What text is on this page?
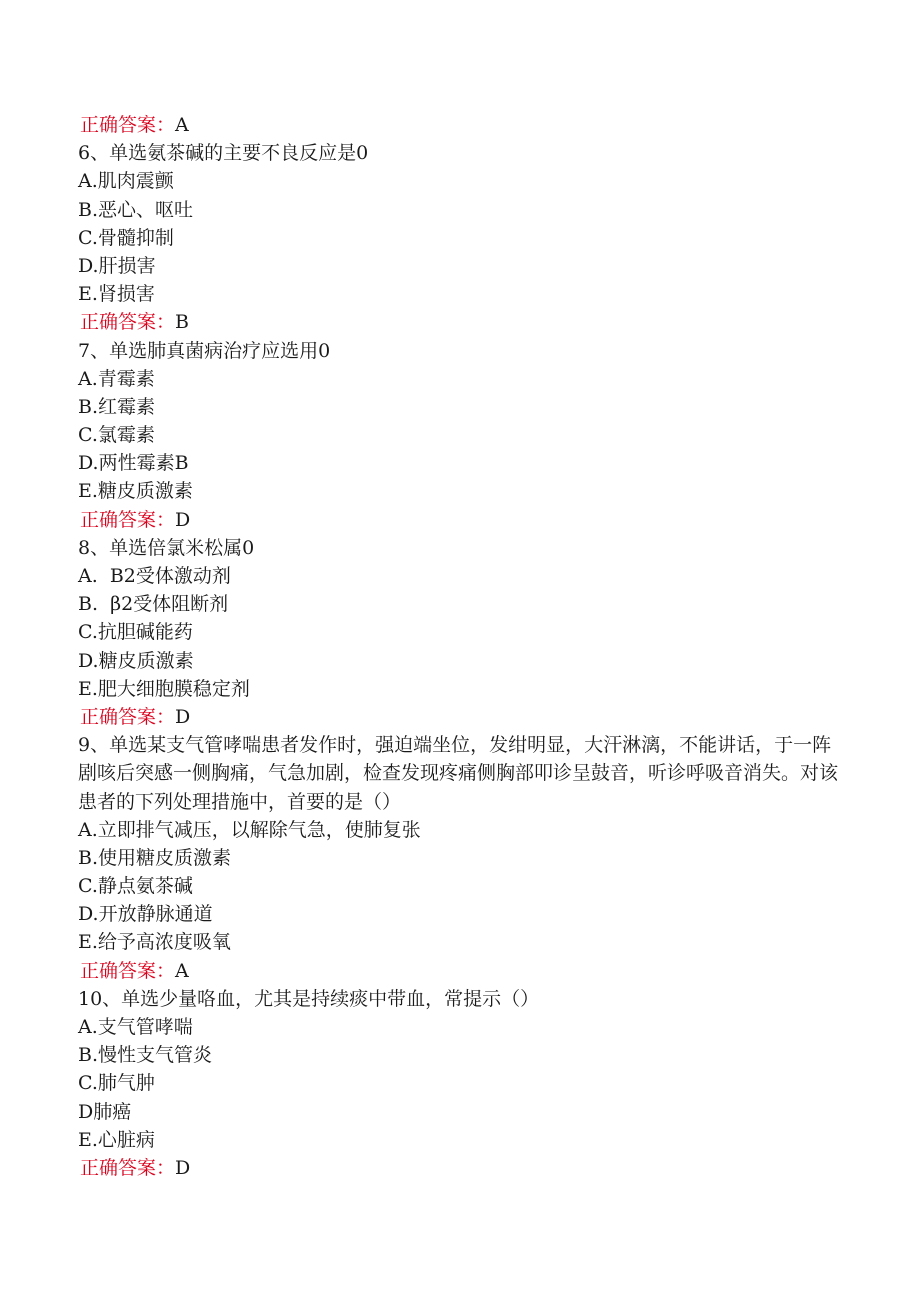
正确答案：A
6、单选氨茶碱的主要不良反应是0
A.肌肉震颤
B.恶心、呕吐
C.骨髓抑制
D.肝损害
E.肾损害
正确答案：B
7、单选肺真菌病治疗应选用0
A.青霉素
B.红霉素
C.氯霉素
D.两性霉素B
E.糖皮质激素
正确答案：D
8、单选倍氯米松属0
A.  B2受体激动剂
B.  β2受体阻断剂
C.抗胆碱能药
D.糖皮质激素
E.肥大细胞膜稳定剂
正确答案：D
9、单选某支气管哮喘患者发作时，强迫端坐位，发绀明显，大汗淋漓，不能讲话，于一阵剧咳后突感一侧胸痛，气急加剧，检查发现疼痛侧胸部叩诊呈鼓音，听诊呼吸音消失。对该患者的下列处理措施中，首要的是（）
A.立即排气减压，以解除气急，使肺复张
B.使用糖皮质激素
C.静点氨茶碱
D.开放静脉通道
E.给予高浓度吸氧
正确答案：A
10、单选少量咯血，尤其是持续痰中带血，常提示（）
A.支气管哮喘
B.慢性支气管炎
C.肺气肿
D肺癌
E.心脏病
正确答案：D
